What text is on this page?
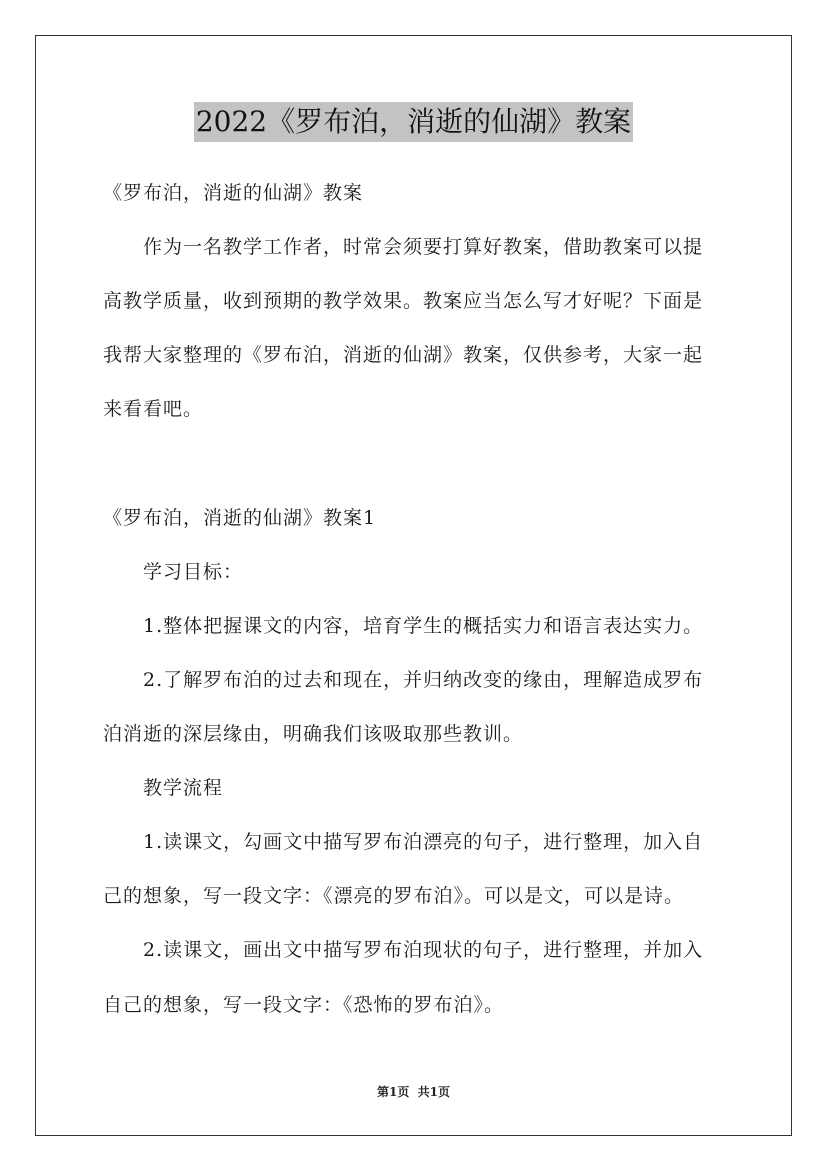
2022《罗布泊，消逝的仙湖》教案
《罗布泊，消逝的仙湖》教案
作为一名教学工作者，时常会须要打算好教案，借助教案可以提
高教学质量，收到预期的教学效果。教案应当怎么写才好呢？下面是
我帮大家整理的《罗布泊，消逝的仙湖》教案，仅供参考，大家一起
来看看吧。
《罗布泊，消逝的仙湖》教案1
学习目标：
1.整体把握课文的内容，培育学生的概括实力和语言表达实力。
2.了解罗布泊的过去和现在，并归纳改变的缘由，理解造成罗布
泊消逝的深层缘由，明确我们该吸取那些教训。
教学流程
1.读课文，勾画文中描写罗布泊漂亮的句子，进行整理，加入自
己的想象，写一段文字：《漂亮的罗布泊》。可以是文，可以是诗。
2.读课文，画出文中描写罗布泊现状的句子，进行整理，并加入
自己的想象，写一段文字：《恐怖的罗布泊》。
第1页  共1页
